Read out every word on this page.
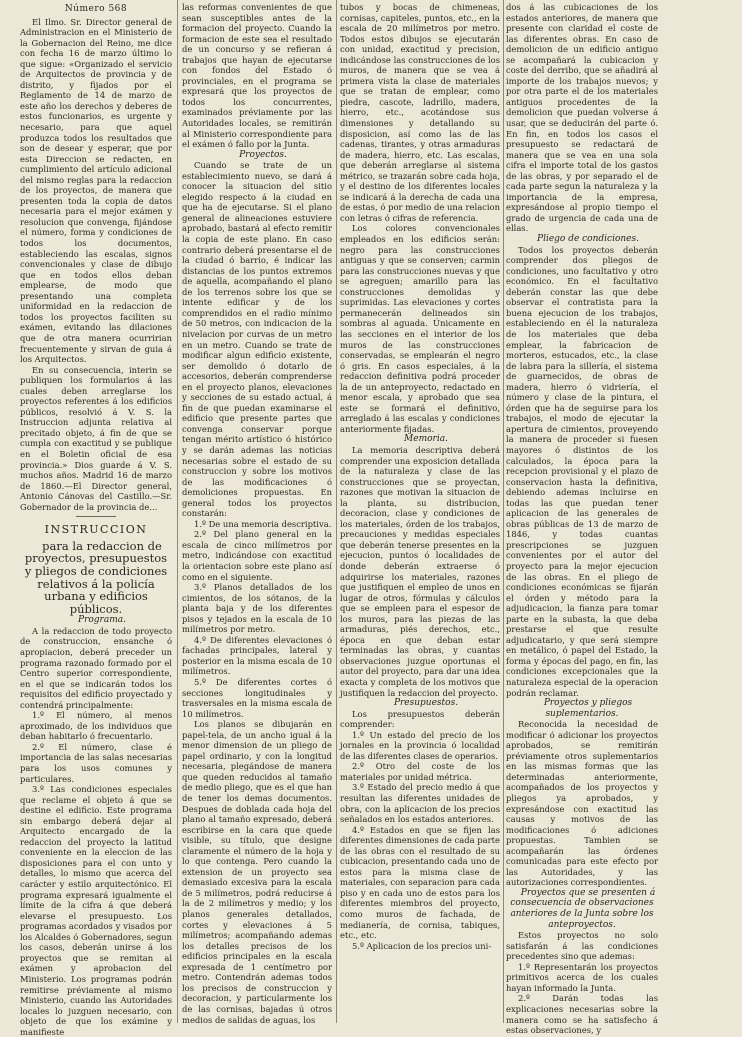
Número 568

El Ilmo. Sr. Director general de Administracion en el Ministerio de la Gobernacion del Reino, me dice con fecha 16 de marzo último lo que sigue: «Organizado el servicio de Arquitectos de provincia y de distrito, y fijados por el Reglamento de 14 de marzo de este año los derechos y deberes de estos funcionarios, es urgente y necesario, para que aquel produzca todos los resultados que son de desear y esperar, que por esta Direccion se redacten, en cumplimiento del artículo adicional del mismo reglas para la redaccion de los proyectos, de manera que presenten toda la copia de datos necesaria para el mejor exámen y resolucion que convenga, fijándose el número, forma y condiciones de todos los documentos, estableciendo las escalas, signos convencionales y clase de dibujo que en todos ellos deban emplearse, de modo que presentando una completa uniformidad en la redaccion de todos los proyectos faciliten su exámen, evitando las dilaciones que de otra manera ocurririan frecuentemente y sirvan de guia á los Arquitectos.

En su consecuencia, interin se publiquen los formularios á las cuales deben arreglarse los proyectos referentes á los edificios públicos, resolvió á V. S. la Instruccion adjunta relativa al precitado objeto, á fin de que se cumpla con exactitud y se publique en el Boletin oficial de esa provincia.» Dios guarde á V. S. muchos años. Madrid 16 de marzo de 1860.—El Director general, Antonio Cánovas del Castillo.—Sr. Gobernador de la provincia de...

INSTRUCCION

para la redaccion de proyectos, presupuestos y pliegos de condiciones relativos á la policía urbana y edificios públicos.

Programa.

A la redaccion de todo proyecto de construccion, ensanche ó apropiacion, deberá preceder un programa razonado formado por el Centro superior correspondiente, en el que se indicarán todos los requisitos del edificio proyectado y contendrá principalmente:

1.º El número, al menos aproximado, de los individuos que deban habitarlo ó frecuentarlo.

2.º El número, clase é importancia de las salas necesarias para los usos comunes y particulares.

3.º Las condiciones especiales que reclame el objeto á que se destine el edificio. Este programa sin embargo deberá dejar al Arquitecto encargado de la redaccion del proyecto la latitud conveniente en la eleccion de las disposiciones para el con unto y detalles, lo mismo que acerca del carácter y estilo arquitectónico. El programa expresará igualmente el límite de la cifra á que deberá elevarse el presupuesto. Los programas acordados y visados por los Alcaldes ó Gobernadores, segun los casos, deberán unirse á los proyectos que se remitan al exámen y aprobacion del Ministerio. Los programas podrán remitirse préviamente al mismo Ministerio, cuando las Autoridades locales lo juzguen necesario, con objeto de que los exámine y manifieste

las reformas convenientes de que sean susceptibles antes de la formacion del proyecto. Cuando la formacion de este sea el resultado de un concurso y se refieran á trabajos que hayan de ejecutarse con fondos del Estado ó provinciales, en el programa se expresará que los proyectos de todos los concurrentes, examinados préviamente por las Autoridades locales, se remitirán al Ministerio correspondiente para el exámen ó fallo por la Junta.

Proyectos.

Cuando se trate de un establecimiento nuevo, se dará á conocer la situacion del sitio elegido respecto á la ciudad en que ha de ejecutarse. Si el plano general de alineaciones estuviere aprobado, bastará al efecto remitir la copia de este plano. En caso contrario deberá presentarse el de la ciudad ó barrio, é indicar las distancias de los puntos extremos de aquella, acompañando el plano de los terrenos sobre los que se intente edificar y de los comprendidos en el radio mínimo de 50 metros, con indicacion de la nivelacion por curvas de un metro en un metro. Cuando se trate de modificar algun edificio existente, ser demolido ó dotarlo de accesorios, deberán comprenderse en el proyecto planos, elevaciones y secciones de su estado actual, á fin de que puedan examinarse el edificio que presente partes que convenga conservar porque tengan mérito artístico ó histórico y se darán ademas las noticias necesarias sobre el estado de su construccion y sobre los motivos de las modificaciones ó demoliciones propuestas. En general todos los proyectos constarán:

1.º De una memoria descriptiva.

2.º Del plano general en la escala de cinco milímetros por metro, indicándose con exactitud la orientacion sobre este plano así como en el siguiente.

3.º Planos detallados de los cimientos, de los sótanos, de la planta baja y de los diferentes pisos y tejados en la escala de 10 milímetros por metro.

4.º De diferentes elevaciones ó fachadas principales, lateral y posterior en la misma escala de 10 milímetros.

5.º De diferentes cortes ó secciones longitudinales y trasversales en la misma escala de 10 milímetros.

Los planos se dibujarán en papel-tela, de un ancho igual á la menor dimension de un pliego de papel ordinario, y con la longitud necesaria, plegándose de manera que queden reducidos al tamaño de medio pliego, que es el que han de tener los demas documentos. Despues de doblada cada hoja del plano al tamaño expresado, deberá escribirse en la cara que quede visible, su título, que designe claramente el número de la hoja y lo que contenga. Pero cuando la extension de un proyecto sea demasiado excesiva para la escala de 5 milímetros, podrá reducirse á la de 2 milímetros y medio; y los planos generales detallados, cortes y elevaciones á 5 milímetros; acompañando ademas los detalles precisos de los edificios principales en la escala expresada de 1 centímetro por metro. Contendrán ademas todos los precisos de construccion y decoracion, y particularmente los de las cornisas, bajadas ú otros medios de salidas de aguas, los

tubos y bocas de chimeneas, cornisas, capiteles, puntos, etc., en la escala de 20 milímetros por metro. Todos estos dibujos se ejecutarán con unidad, exactitud y precision, indicándose las construcciones de los muros, de manera que se vea á primera vista la clase de materiales que se tratan de emplear, como piedra, cascote, ladrillo, madera, hierro, etc., acotándose sus dimensiones y detallando su disposicion, así como las de las cadenas, tirantes, y otras armaduras de madera, hierro, etc. Las escalas, que deberán arreglarse al sistema métrico, se trazarán sobre cada hoja, y el destino de los diferentes locales se indicará á la derecha de cada una de estas, ó por medio de una relacion con letras ó cifras de referencia.

Los colores convencionales empleados en los edificios serán: negro para las construcciones antiguas y que se conserven; carmin para las construcciones nuevas y que se agreguen; amarillo para las construcciones demolidas y suprimidas. Las elevaciones y cortes permanecerán delineados sin sombras al aguada. Únicamente en las secciones en el interior de los muros de las construcciones conservadas, se emplearán el negro ó gris. En casos especiales, á la redaccion definitiva podrá proceder la de un anteproyecto, redactado en menor escala, y aprobado que sea este se formará el definitivo, arreglado á las escalas y condiciones anteriormente fijadas.

Memoria.

La memoria descriptiva deberá comprender una exposicion detallada de la naturaleza y clase de las construcciones que se proyectan, razones que motivan la situacion de la planta, su distribucion, decoracion, clase y condiciones de los materiales, órden de los trabajos, precauciones y medidas especiales que deberán tenerse presentes en la ejecucion, puntos ó localidades de donde deberán extraerse ó adquirirse los materiales, razones que justifiquen el empleo de unos en lugar de otros, fórmulas y cálculos que se empleen para el espesor de los muros, para las piezas de las armaduras, piés derechos, etc., época en que deban estar terminadas las obras, y cuantas observaciones juzgue oportunas el autor del proyecto, para dar una idea exacta y completa de los motivos que justifiquen la redaccion del proyecto.

Presupuestos.

Los presupuestos deberán comprender:

1.º Un estado del precio de los jornales en la provincia ó localidad de las diferentes clases de operarios.

2.º Otro del coste de los materiales por unidad métrica.

3.º Estado del precio medio á que resultan las diferentes unidades de obra, con la aplicacion de los precios señalados en los estados anteriores.

4.º Estados en que se fijen las diferentes dimensiones de cada parte de las obras con el resultado de su cubicacion, presentando cada uno de estos para la misma clase de materiales, con separacion para cada piso y en cada uno de estos para los diferentes miembros del proyecto, como muros de fachada, de medianería, de cornisa, tabiques, etc., etc.

5.º Aplicacion de los precios uni-

dos á las cubicaciones de los estados anteriores, de manera que presente con claridad el coste de las diferentes obras. En caso de demolicion de un edificio antiguo se acompañará la cubicacion y coste del derribo, que se añadirá al importe de los trabajos nuevos; y por otra parte el de los materiales antiguos procedentes de la demolicion que puedan volverse á usar, que se deducirán del parte ó. En fin, en todos los casos el presupuesto se redactará de manera que se vea en una sola cifra el importe total de los gastos de las obras, y por separado el de cada parte segun la naturaleza y la importancia de la empresa, expresándose al propio tiempo el grado de urgencia de cada una de ellas.

Pliego de condiciones.

Todos los proyectos deberán comprender dos pliegos de condiciones, uno facultativo y otro económico. En el facultativo deberán constar las que debe observar el contratista para la buena ejecucion de los trabajos, estableciendo en él la naturaleza de los materiales que deba emplear, la fabricacion de morteros, estucados, etc., la clase de labra para la sillería, el sistema de guarnecidos, de obras de madera, hierro ó vidriería, el número y clase de la pintura, el órden que ha de seguirse para los trabajos, el modo de ejecutar la apertura de cimientos, proveyendo la manera de proceder si fuesen mayores ó distintos de los calculados, la época para la recepcion provisional y el plazo de conservacion hasta la definitiva, debiendo ademas incluirse en todas las que puedan tener aplicacion de las generales de obras públicas de 13 de marzo de 1846, y todas cuantas prescripciones se juzguen convenientes por el autor del proyecto para la mejor ejecucion de las obras. En el pliego de condiciones económicas se fijarán el órden y método para la adjudicacion, la fianza para tomar parte en la subasta, la que deba prestarse el que resulte adjudicatario, y que será siempre en metálico, ó papel del Estado, la forma y épocas del pago, en fin, las condiciones excepcionales que la naturaleza especial de la operacion podrán reclamar.

Proyectos y pliegos suplementarios.

Reconocida la necesidad de modificar ó adicionar los proyectos aprobados, se remitirán préviamente otros suplementarios en las mismas formas que las determinadas anteriormente, acompañados de los proyectos y pliegos ya aprobados, y expresándose con exactitud las causas y motivos de las modificaciones ó adiciones propuestas. Tambien se acompañarán las órdenes comunicadas para este efecto por las Autoridades, y las autorizaciones correspondientes.

Proyectos que se presenten á consecuencia de observaciones anteriores de la Junta sobre los anteproyectos.

Estos proyectos no solo satisfarán á las condiciones precedentes sino que ademas:

1.º Representarán los proyectos primitivos acerca de los cuales hayan informado la Junta.

2.º Darán todas las explicaciones necesarias sobre la manera como se ha satisfecho á estas observaciones, y
